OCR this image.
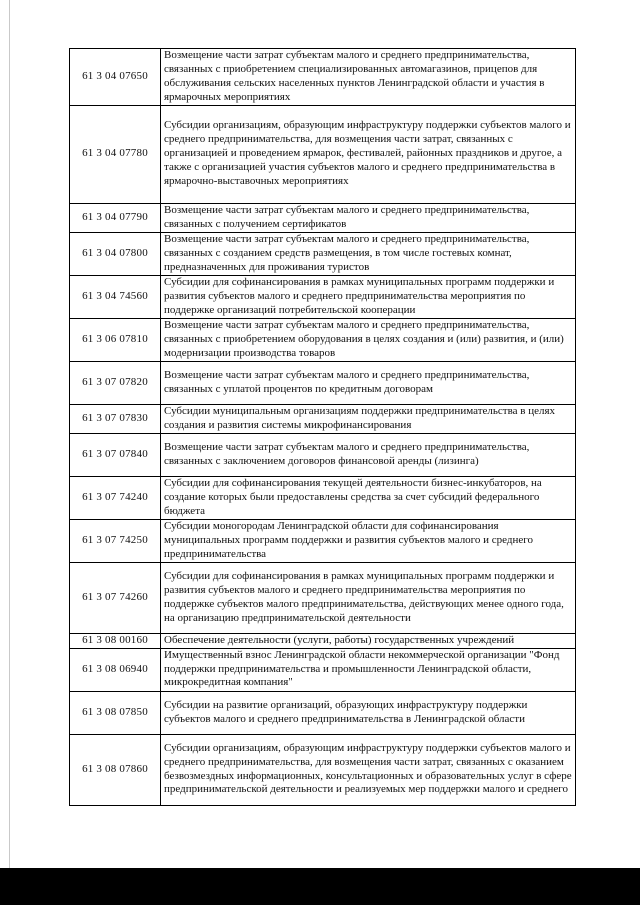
61 3 04 07650	Возмещение части затрат субъектам малого и среднего предпринимательства, связанных с приобретением специализированных автомагазинов, прицепов для обслуживания сельских населенных пунктов Ленинградской области и участия в ярмарочных мероприятиях
61 3 04 07780	Субсидии организациям, образующим инфраструктуру поддержки субъектов малого и среднего предпринимательства, для возмещения части затрат, связанных с организацией и проведением ярмарок, фестивалей, районных праздников и другое, а также с организацией участия субъектов малого и среднего предпринимательства в ярмарочно-выставочных мероприятиях
61 3 04 07790	Возмещение части затрат субъектам малого и среднего предпринимательства, связанных с получением сертификатов
61 3 04 07800	Возмещение части затрат субъектам малого и среднего предпринимательства, связанных с созданием средств размещения, в том числе гостевых комнат, предназначенных для проживания туристов
61 3 04 74560	Субсидии для софинансирования в рамках муниципальных программ поддержки и развития субъектов малого и среднего предпринимательства мероприятия по поддержке организаций потребительской кооперации
61 3 06 07810	Возмещение части затрат субъектам малого и среднего предпринимательства, связанных с приобретением оборудования в целях создания и (или) развития, и (или) модернизации производства товаров
61 3 07 07820	Возмещение части затрат субъектам малого и среднего предпринимательства, связанных с уплатой процентов по кредитным договорам
61 3 07 07830	Субсидии муниципальным организациям поддержки предпринимательства в целях создания и развития системы микрофинансирования
61 3 07 07840	Возмещение части затрат субъектам малого и среднего предпринимательства, связанных с заключением договоров финансовой аренды (лизинга)
61 3 07 74240	Субсидии для софинансирования текущей деятельности бизнес-инкубаторов, на создание которых были предоставлены средства за счет субсидий федерального бюджета
61 3 07 74250	Субсидии моногородам Ленинградской области для софинансирования муниципальных программ поддержки и развития субъектов малого и среднего предпринимательства
61 3 07 74260	Субсидии для софинансирования в рамках муниципальных программ поддержки и развития субъектов малого и среднего предпринимательства мероприятия по поддержке субъектов малого предпринимательства, действующих менее одного года, на организацию предпринимательской деятельности
61 3 08 00160	Обеспечение деятельности (услуги, работы) государственных учреждений
61 3 08 06940	Имущественный взнос Ленинградской области некоммерческой организации "Фонд поддержки предпринимательства и промышленности Ленинградской области, микрокредитная компания"
61 3 08 07850	Субсидии на развитие организаций, образующих инфраструктуру поддержки субъектов малого и среднего предпринимательства в Ленинградской области
61 3 08 07860	Субсидии организациям, образующим инфраструктуру поддержки субъектов малого и среднего предпринимательства, для возмещения части затрат, связанных с оказанием безвозмездных информационных, консультационных и образовательных услуг в сфере предпринимательской деятельности и реализуемых мер поддержки малого и среднего
